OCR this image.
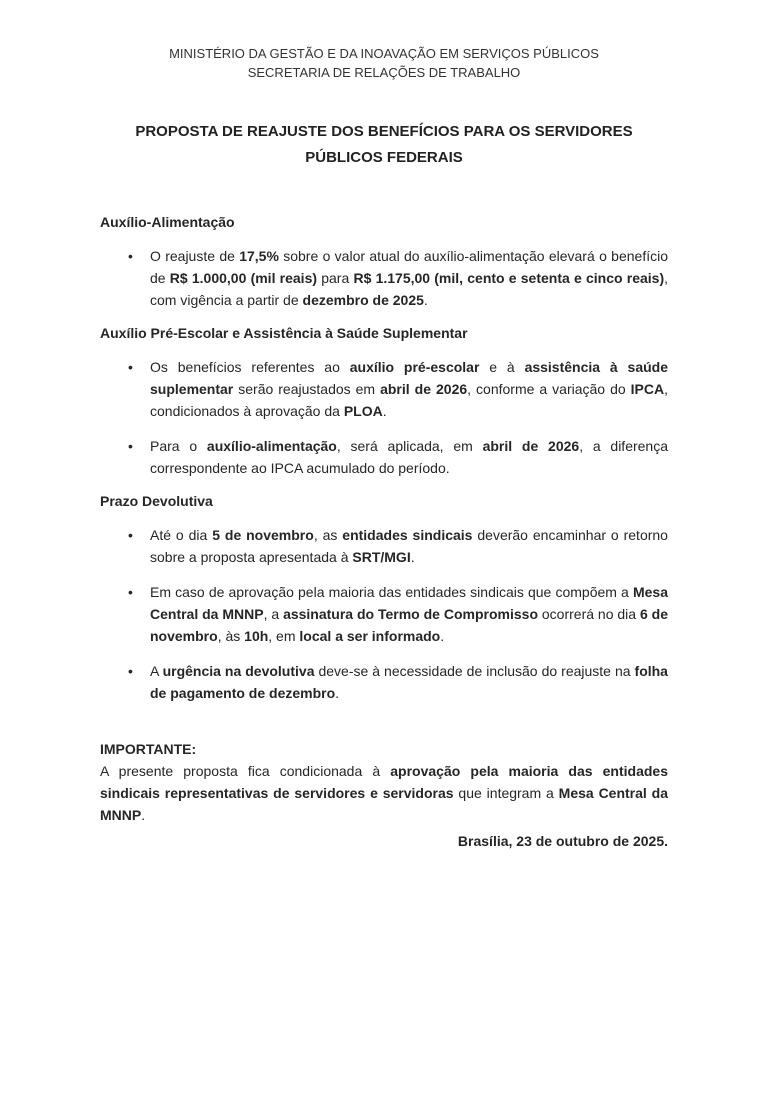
MINISTÉRIO DA GESTÃO E DA INOAVAÇÃO EM SERVIÇOS PÚBLICOS
SECRETARIA DE RELAÇÕES DE TRABALHO
PROPOSTA DE REAJUSTE DOS BENEFÍCIOS PARA OS SERVIDORES PÚBLICOS FEDERAIS
Auxílio-Alimentação
• O reajuste de 17,5% sobre o valor atual do auxílio-alimentação elevará o benefício de R$ 1.000,00 (mil reais) para R$ 1.175,00 (mil, cento e setenta e cinco reais), com vigência a partir de dezembro de 2025.
Auxílio Pré-Escolar e Assistência à Saúde Suplementar
• Os benefícios referentes ao auxílio pré-escolar e à assistência à saúde suplementar serão reajustados em abril de 2026, conforme a variação do IPCA, condicionados à aprovação da PLOA.
• Para o auxílio-alimentação, será aplicada, em abril de 2026, a diferença correspondente ao IPCA acumulado do período.
Prazo Devolutiva
• Até o dia 5 de novembro, as entidades sindicais deverão encaminhar o retorno sobre a proposta apresentada à SRT/MGI.
• Em caso de aprovação pela maioria das entidades sindicais que compõem a Mesa Central da MNNP, a assinatura do Termo de Compromisso ocorrerá no dia 6 de novembro, às 10h, em local a ser informado.
• A urgência na devolutiva deve-se à necessidade de inclusão do reajuste na folha de pagamento de dezembro.
IMPORTANTE:

A presente proposta fica condicionada à aprovação pela maioria das entidades sindicais representativas de servidores e servidoras que integram a Mesa Central da MNNP.

Brasília, 23 de outubro de 2025.
